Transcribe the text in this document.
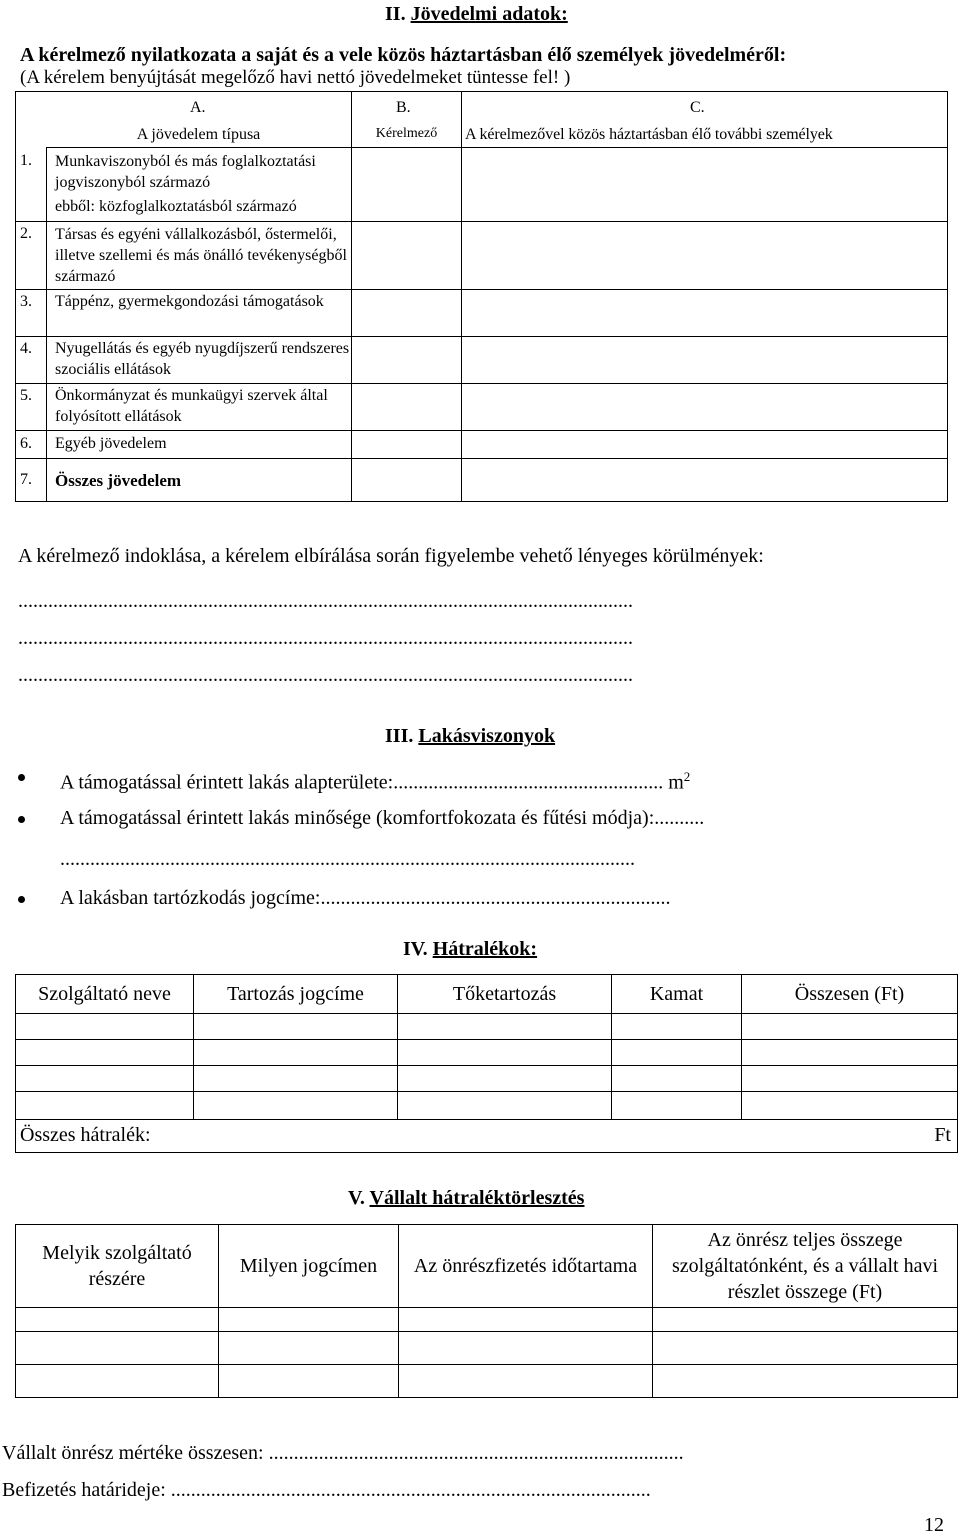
II. Jövedelmi adatok:
A kérelmező nyilatkozata a saját és a vele közös háztartásban élő személyek jövedelméről:
(A kérelem benyújtását megelőző havi nettó jövedelmeket tüntesse fel! )
A.	B.	C.
A jövedelem típusa	Kérelmező	A kérelmezővel közös háztartásban élő további személyek
1.	Munkaviszonyból és más foglalkoztatási jogviszonyból származó
ebből: közfoglalkoztatásból származó
2.	Társas és egyéni vállalkozásból, őstermelői, illetve szellemi és más önálló tevékenységből származó
3.	Táppénz, gyermekgondozási támogatások
4.	Nyugellátás és egyéb nyugdíjszerű rendszeres szociális ellátások
5.	Önkormányzat és munkaügyi szervek által folyósított ellátások
6.	Egyéb jövedelem
7.	Összes jövedelem
A kérelmező indoklása, a kérelem elbírálása során figyelembe vehető lényeges körülmények:
...........................................................................................................................
...........................................................................................................................
...........................................................................................................................
III. Lakásviszonyok
A támogatással érintett lakás alapterülete:...................................................... $m^2$
A támogatással érintett lakás minősége (komfortfokozata és fűtési módja):..........
...................................................................................................................
A lakásban tartózkodás jogcíme:......................................................................
IV. Hátralékok:
Szolgáltató neve	Tartozás jogcíme	Tőketartozás	Kamat	Összesen (Ft)

Összes hátralék: Ft				
V. Vállalt hátraléktörlesztés
Melyik szolgáltató részére	Milyen jogcímen	Az önrészfizetés időtartama	Az önrész teljes összege szolgáltatónként, és a vállalt havi részlet összege (Ft)

Vállalt önrész mértéke összesen: ...................................................................................
Befizetés határideje: ................................................................................................
12
